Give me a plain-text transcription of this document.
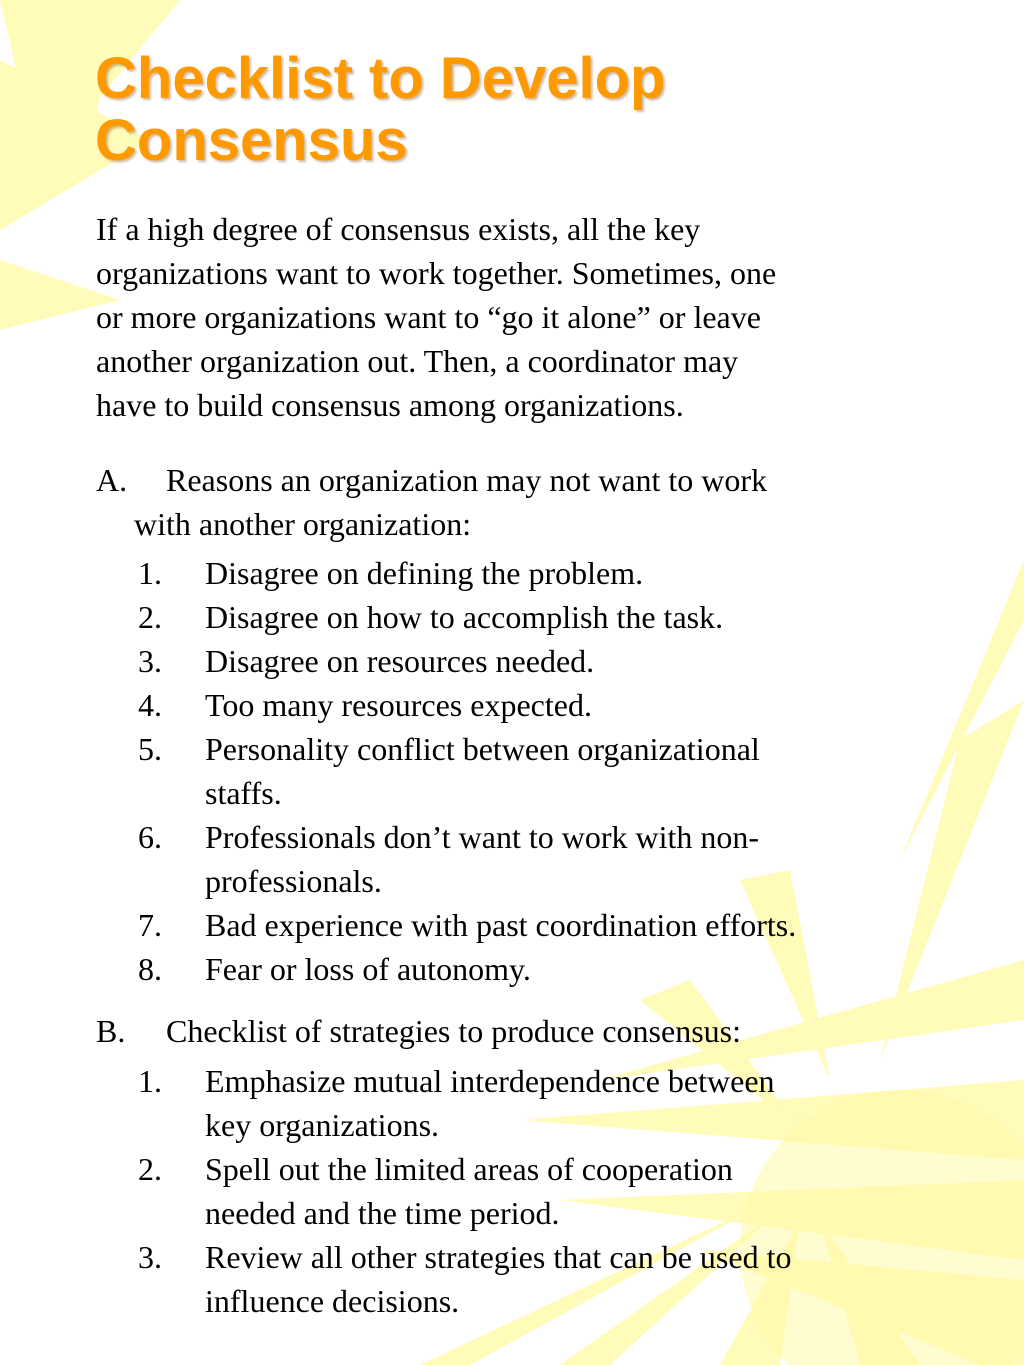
Checklist to Develop
Consensus

If a high degree of consensus exists, all the key
organizations want to work together. Sometimes, one
or more organizations want to “go it alone” or leave
another organization out. Then, a coordinator may
have to build consensus among organizations.

A. Reasons an organization may not want to work
with another organization:
1. Disagree on defining the problem.
2. Disagree on how to accomplish the task.
3. Disagree on resources needed.
4. Too many resources expected.
5. Personality conflict between organizational
staffs.
6. Professionals don’t want to work with non-
professionals.
7. Bad experience with past coordination efforts.
8. Fear or loss of autonomy.
B. Checklist of strategies to produce consensus:
1. Emphasize mutual interdependence between
key organizations.
2. Spell out the limited areas of cooperation
needed and the time period.
3. Review all other strategies that can be used to
influence decisions.
